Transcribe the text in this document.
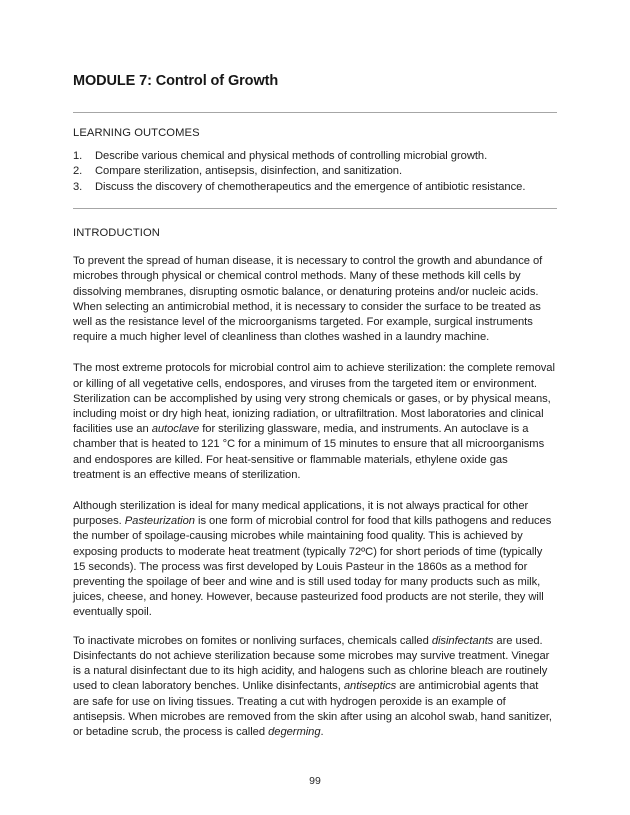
MODULE 7: Control of Growth
LEARNING OUTCOMES
1.	Describe various chemical and physical methods of controlling microbial growth.
2.	Compare sterilization, antisepsis, disinfection, and sanitization.
3.	Discuss the discovery of chemotherapeutics and the emergence of antibiotic resistance.
INTRODUCTION

To prevent the spread of human disease, it is necessary to control the growth and abundance of microbes through physical or chemical control methods. Many of these methods kill cells by dissolving membranes, disrupting osmotic balance, or denaturing proteins and/or nucleic acids. When selecting an antimicrobial method, it is necessary to consider the surface to be treated as well as the resistance level of the microorganisms targeted. For example, surgical instruments require a much higher level of cleanliness than clothes washed in a laundry machine.

The most extreme protocols for microbial control aim to achieve sterilization: the complete removal or killing of all vegetative cells, endospores, and viruses from the targeted item or environment. Sterilization can be accomplished by using very strong chemicals or gases, or by physical means, including moist or dry high heat, ionizing radiation, or ultrafiltration. Most laboratories and clinical facilities use an autoclave for sterilizing glassware, media, and instruments. An autoclave is a chamber that is heated to 121 °C for a minimum of 15 minutes to ensure that all microorganisms and endospores are killed. For heat-sensitive or flammable materials, ethylene oxide gas treatment is an effective means of sterilization.

Although sterilization is ideal for many medical applications, it is not always practical for other purposes. Pasteurization is one form of microbial control for food that kills pathogens and reduces the number of spoilage-causing microbes while maintaining food quality. This is achieved by exposing products to moderate heat treatment (typically 72ºC) for short periods of time (typically 15 seconds). The process was first developed by Louis Pasteur in the 1860s as a method for preventing the spoilage of beer and wine and is still used today for many products such as milk, juices, cheese, and honey. However, because pasteurized food products are not sterile, they will eventually spoil.

To inactivate microbes on fomites or nonliving surfaces, chemicals called disinfectants are used. Disinfectants do not achieve sterilization because some microbes may survive treatment. Vinegar is a natural disinfectant due to its high acidity, and halogens such as chlorine bleach are routinely used to clean laboratory benches. Unlike disinfectants, antiseptics are antimicrobial agents that are safe for use on living tissues. Treating a cut with hydrogen peroxide is an example of antisepsis. When microbes are removed from the skin after using an alcohol swab, hand sanitizer, or betadine scrub, the process is called degerming.

99
